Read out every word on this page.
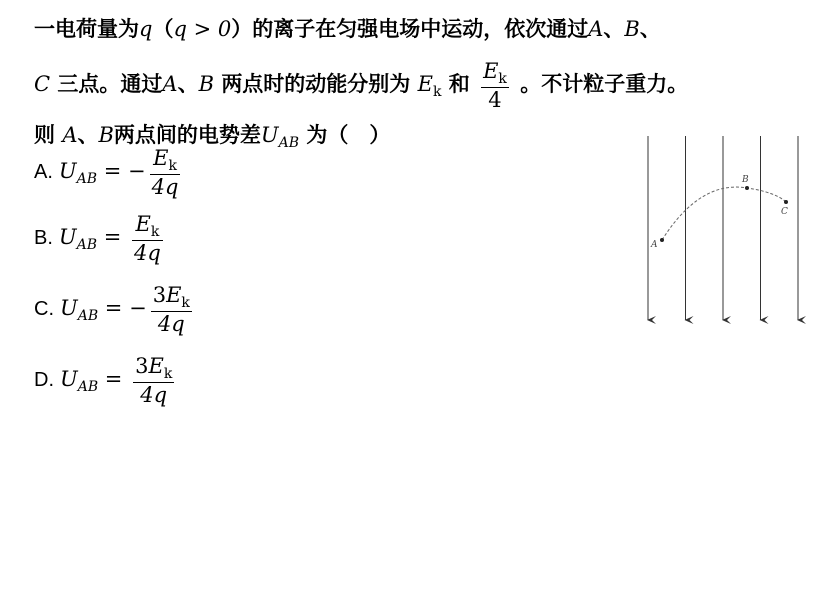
一电荷量为q（q > 0）的离子在匀强电场中运动，依次通过A、B、
C 三点。通过A、B 两点时的动能分别为 $E_k$ 和 $\frac{E_k}{4}$ 。不计粒子重力。
则 A、B两点间的电势差$U_{AB}$ 为（　）
A. $U_{AB}$ = − $\frac{E_k}{4q}$
B. $U_{AB} = \frac{E_k}{4q}$
C. $U_{AB}$ = − $\frac{3E_k}{4q}$
D. $U_{AB} = \frac{3E_k}{4q}$
A
B
C
